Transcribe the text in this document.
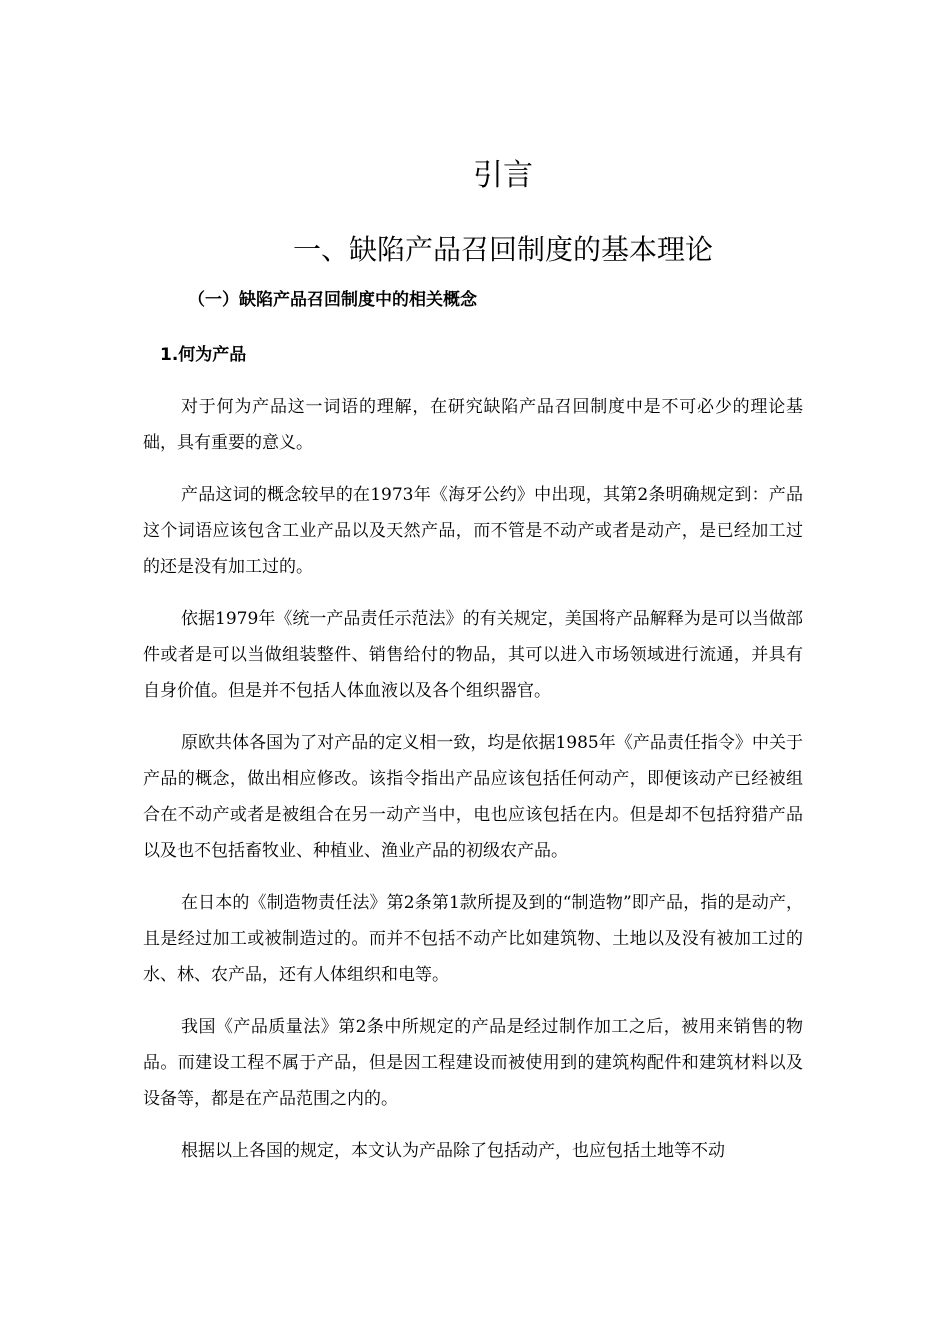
引言
一、缺陷产品召回制度的基本理论
（一）缺陷产品召回制度中的相关概念
1.何为产品

对于何为产品这一词语的理解，在研究缺陷产品召回制度中是不可必少的理论基础，具有重要的意义。

产品这词的概念较早的在1973年《海牙公约》中出现，其第2条明确规定到：产品这个词语应该包含工业产品以及天然产品，而不管是不动产或者是动产，是已经加工过的还是没有加工过的。

依据1979年《统一产品责任示范法》的有关规定，美国将产品解释为是可以当做部件或者是可以当做组装整件、销售给付的物品，其可以进入市场领域进行流通，并具有自身价值。但是并不包括人体血液以及各个组织器官。

原欧共体各国为了对产品的定义相一致，均是依据1985年《产品责任指令》中关于产品的概念，做出相应修改。该指令指出产品应该包括任何动产，即便该动产已经被组合在不动产或者是被组合在另一动产当中，电也应该包括在内。但是却不包括狩猎产品以及也不包括畜牧业、种植业、渔业产品的初级农产品。

在日本的《制造物责任法》第2条第1款所提及到的“制造物”即产品，指的是动产，且是经过加工或被制造过的。而并不包括不动产比如建筑物、土地以及没有被加工过的水、林、农产品，还有人体组织和电等。

我国《产品质量法》第2条中所规定的产品是经过制作加工之后，被用来销售的物品。而建设工程不属于产品，但是因工程建设而被使用到的建筑构配件和建筑材料以及设备等，都是在产品范围之内的。

根据以上各国的规定，本文认为产品除了包括动产，也应包括土地等不动
